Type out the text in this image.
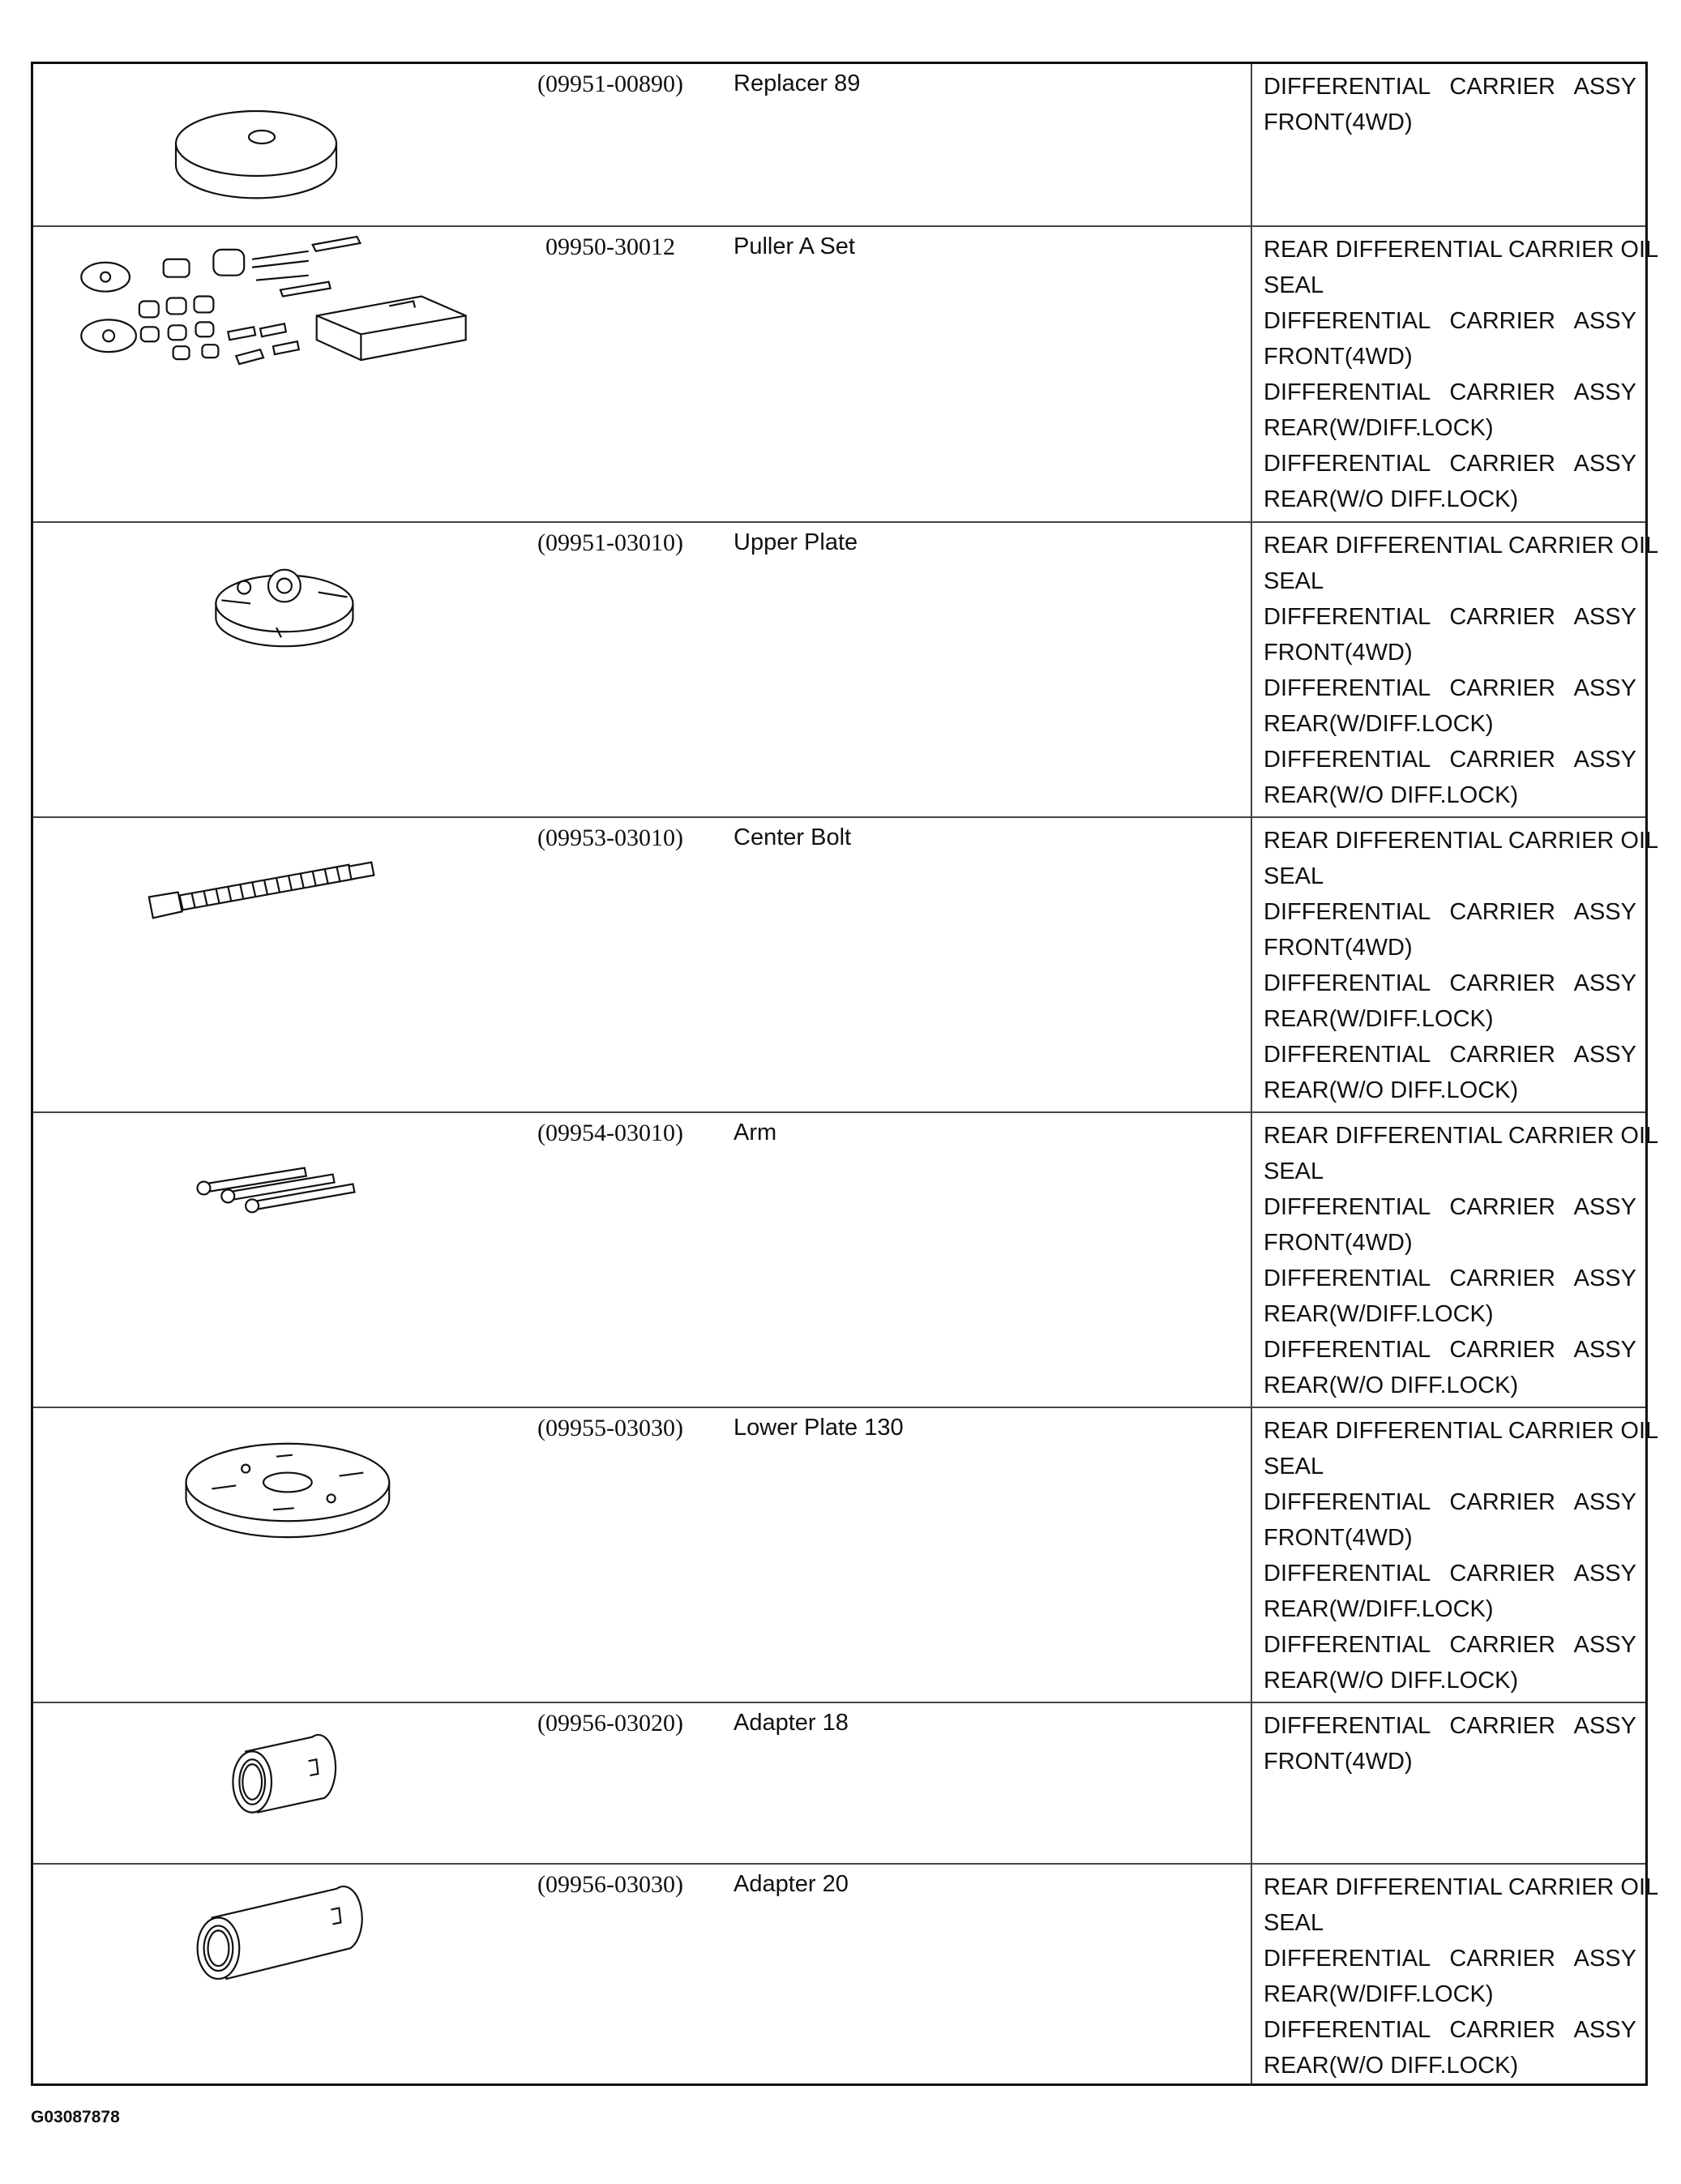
(09951-00890)	Replacer 89	DIFFERENTIAL CARRIER ASSY
FRONT(4WD)
09950-30012	Puller A Set	REAR DIFFERENTIAL CARRIER OIL
SEAL
DIFFERENTIAL CARRIER ASSY
FRONT(4WD)
DIFFERENTIAL CARRIER ASSY
REAR(W/DIFF.LOCK)
DIFFERENTIAL CARRIER ASSY
REAR(W/O DIFF.LOCK)
(09951-03010)	Upper Plate	REAR DIFFERENTIAL CARRIER OIL
SEAL
DIFFERENTIAL CARRIER ASSY
FRONT(4WD)
DIFFERENTIAL CARRIER ASSY
REAR(W/DIFF.LOCK)
DIFFERENTIAL CARRIER ASSY
REAR(W/O DIFF.LOCK)
(09953-03010)	Center Bolt	REAR DIFFERENTIAL CARRIER OIL
SEAL
DIFFERENTIAL CARRIER ASSY
FRONT(4WD)
DIFFERENTIAL CARRIER ASSY
REAR(W/DIFF.LOCK)
DIFFERENTIAL CARRIER ASSY
REAR(W/O DIFF.LOCK)
(09954-03010)	Arm	REAR DIFFERENTIAL CARRIER OIL
SEAL
DIFFERENTIAL CARRIER ASSY
FRONT(4WD)
DIFFERENTIAL CARRIER ASSY
REAR(W/DIFF.LOCK)
DIFFERENTIAL CARRIER ASSY
REAR(W/O DIFF.LOCK)
(09955-03030)	Lower Plate 130	REAR DIFFERENTIAL CARRIER OIL
SEAL
DIFFERENTIAL CARRIER ASSY
FRONT(4WD)
DIFFERENTIAL CARRIER ASSY
REAR(W/DIFF.LOCK)
DIFFERENTIAL CARRIER ASSY
REAR(W/O DIFF.LOCK)
(09956-03020)	Adapter 18	DIFFERENTIAL CARRIER ASSY
FRONT(4WD)
(09956-03030)	Adapter 20	REAR DIFFERENTIAL CARRIER OIL
SEAL
DIFFERENTIAL CARRIER ASSY
REAR(W/DIFF.LOCK)
DIFFERENTIAL CARRIER ASSY
REAR(W/O DIFF.LOCK)
G03087878
